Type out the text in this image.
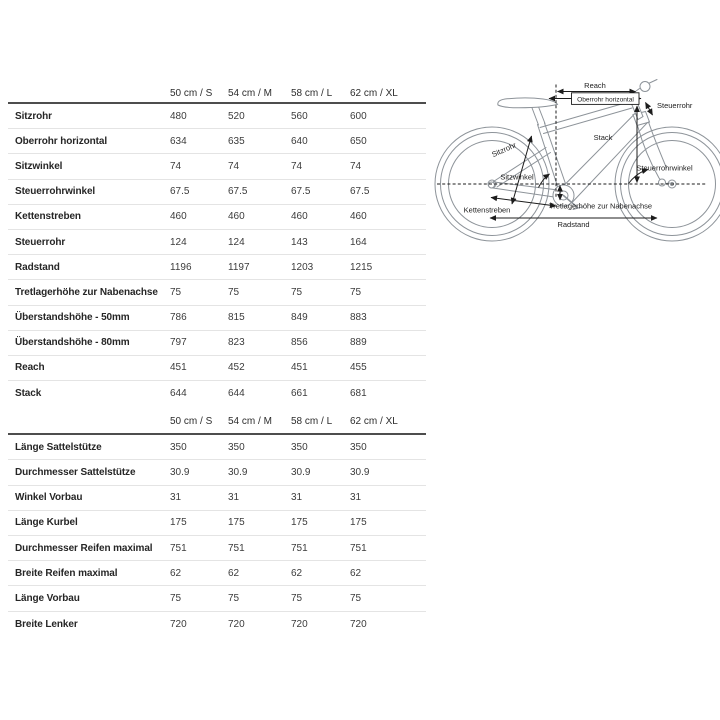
50 cm / S	54 cm / M	58 cm / L	62 cm / XL
Sitzrohr	480	520	560	600
Oberrohr horizontal	634	635	640	650
Sitzwinkel	74	74	74	74
Steuerrohrwinkel	67.5	67.5	67.5	67.5
Kettenstreben	460	460	460	460
Steuerrohr	124	124	143	164
Radstand	1196	1197	1203	1215
Tretlagerhöhe zur Nabenachse	75	75	75	75
Überstandshöhe - 50mm	786	815	849	883
Überstandshöhe - 80mm	797	823	856	889
Reach	451	452	451	455
Stack	644	644	661	681
50 cm / S	54 cm / M	58 cm / L	62 cm / XL
Länge Sattelstütze	350	350	350	350
Durchmesser Sattelstütze	30.9	30.9	30.9	30.9
Winkel Vorbau	31	31	31	31
Länge Kurbel	175	175	175	175
Durchmesser Reifen maximal	751	751	751	751
Breite Reifen maximal	62	62	62	62
Länge Vorbau	75	75	75	75
Breite Lenker	720	720	720	720
Reach
Oberrohr horizontal
Steuerrohr
Stack
Sitzrohr
Sitzwinkel
Steuerrohrwinkel
Kettenstreben	Tretlagerhöhe zur Nabenachse
Radstand
